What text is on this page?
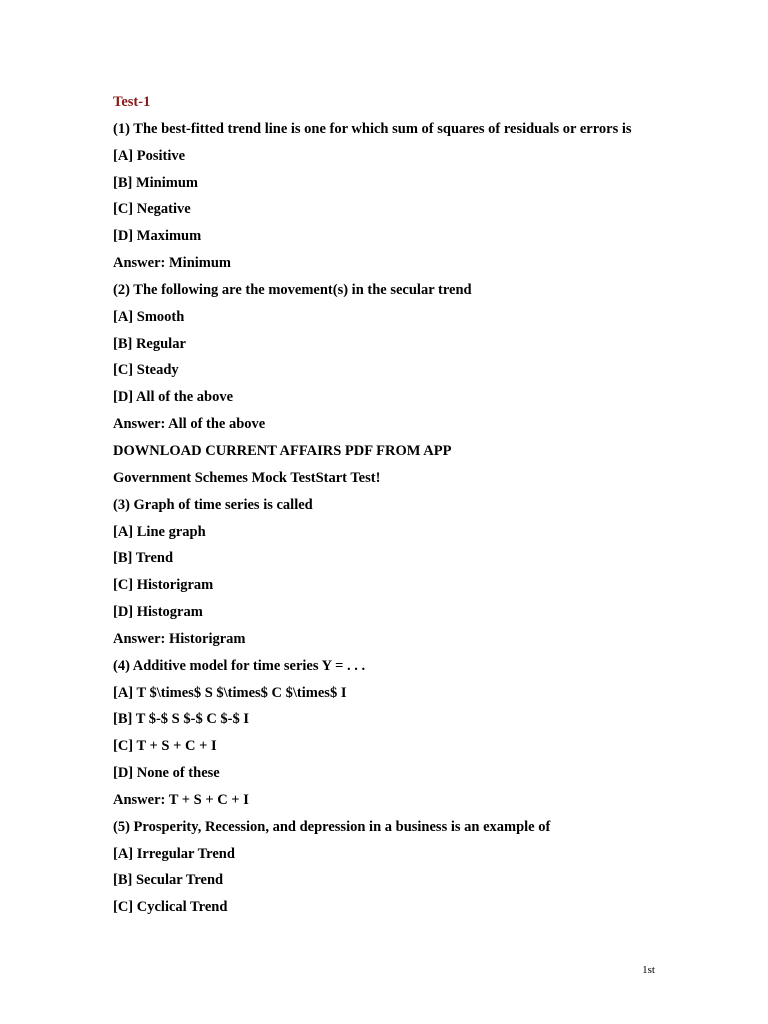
Test-1
(1) The best-fitted trend line is one for which sum of squares of residuals or errors is
[A] Positive
[B] Minimum
[C] Negative
[D] Maximum
Answer: Minimum
(2) The following are the movement(s) in the secular trend
[A] Smooth
[B] Regular
[C] Steady
[D] All of the above
Answer: All of the above
DOWNLOAD CURRENT AFFAIRS PDF FROM APP
Government Schemes Mock TestStart Test!
(3) Graph of time series is called
[A] Line graph
[B] Trend
[C] Historigram
[D] Histogram
Answer: Historigram
(4) Additive model for time series Y = . . .
[A] T $\times$ S $\times$ C $\times$ I
[B] T $-$ S $-$ C $-$ I
[C] T + S + C + I
[D] None of these
Answer: T + S + C + I
(5) Prosperity, Recession, and depression in a business is an example of
[A] Irregular Trend
[B] Secular Trend
[C] Cyclical Trend
1st
